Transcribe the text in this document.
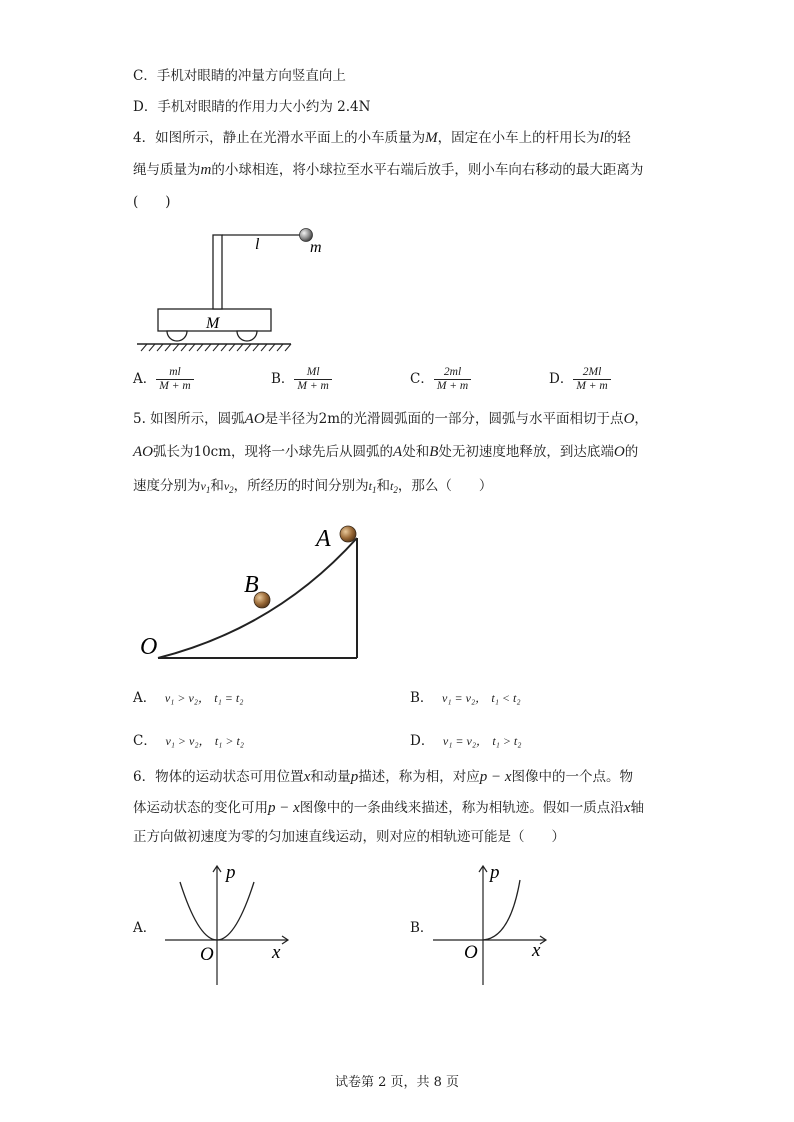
C．手机对眼睛的冲量方向竖直向上
D．手机对眼睛的作用力大小约为 2.4N
4．如图所示，静止在光滑水平面上的小车质量为M，固定在小车上的杆用长为l的轻
绳与质量为m的小球相连，将小球拉至水平右端后放手，则小车向右移动的最大距离为
(　　)
l	m
M
A． $\frac{ml}{M + m}$	B． $\frac{Ml}{M + m}$	C． $\frac{2ml}{M + m}$	D． $\frac{2Ml}{M + m}$
5. 如图所示，圆弧AO是半径为2m的光滑圆弧面的一部分，圆弧与水平面相切于点O，
AO弧长为10cm，现将一小球先后从圆弧的A处和B处无初速度地释放，到达底端O的
速度分别为$v_1$和$v_2$，所经历的时间分别为$t_1$和$t_2$，那么（　　）
A
B
O
A． v₁ > v₂， t₁ = t₂	B． v₁ = v₂， t₁ < t₂
C． v₁ > v₂， t₁ > t₂	D． v₁ = v₂， t₁ > t₂
6．物体的运动状态可用位置x和动量p描述，称为相，对应p − x图像中的一个点。物
体运动状态的变化可用p − x图像中的一条曲线来描述，称为相轨迹。假如一质点沿x轴
正方向做初速度为零的匀加速直线运动，则对应的相轨迹可能是（　　）
A．
p
O	x
B．
p
O	x
试卷第 2 页，共 8 页
